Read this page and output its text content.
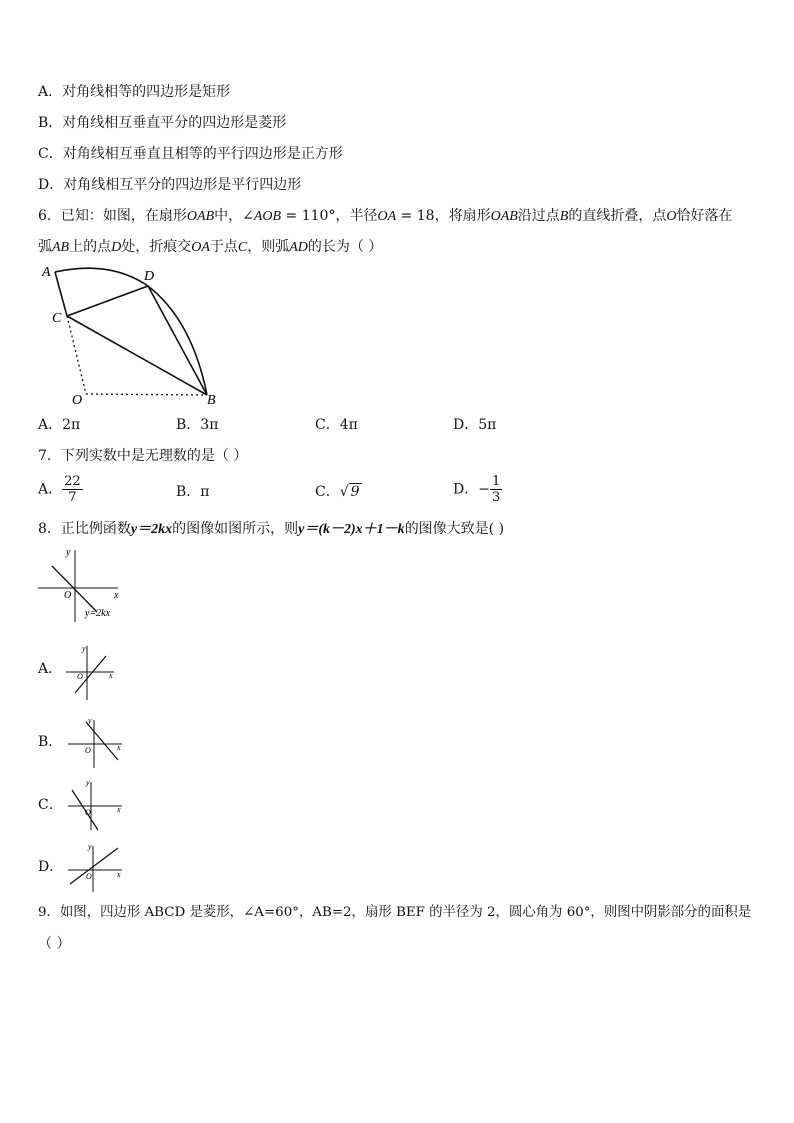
A．对角线相等的四边形是矩形
B．对角线相互垂直平分的四边形是菱形
C．对角线相互垂直且相等的平行四边形是正方形
D．对角线相互平分的四边形是平行四边形
6．已知：如图，在扇形OAB中，∠AOB = 110°，半径OA = 18，将扇形OAB沿过点B的直线折叠，点O恰好落在
弧AB上的点D处，折痕交OA于点C，则弧AD的长为（ ）
A	D
C
O	B
A．2π	B．3π	C．4π	D．5π
7．下列实数中是无理数的是（ ）
A． $\frac{22}{7}$	B．π	C．√ 9	D．− $\frac{1}{3}$
8．正比例函数y＝2kx的图像如图所示，则y＝(k－2)x＋1－k的图像大致是( )
y
x
O
y=2kx
A．	x
y
O
B．	x
y
O
C．	x
y
O
D．	x
y
O
9．如图，四边形 ABCD 是菱形，∠A=60°，AB=2，扇形 BEF 的半径为 2，圆心角为 60°，则图中阴影部分的面积是
（ ）
